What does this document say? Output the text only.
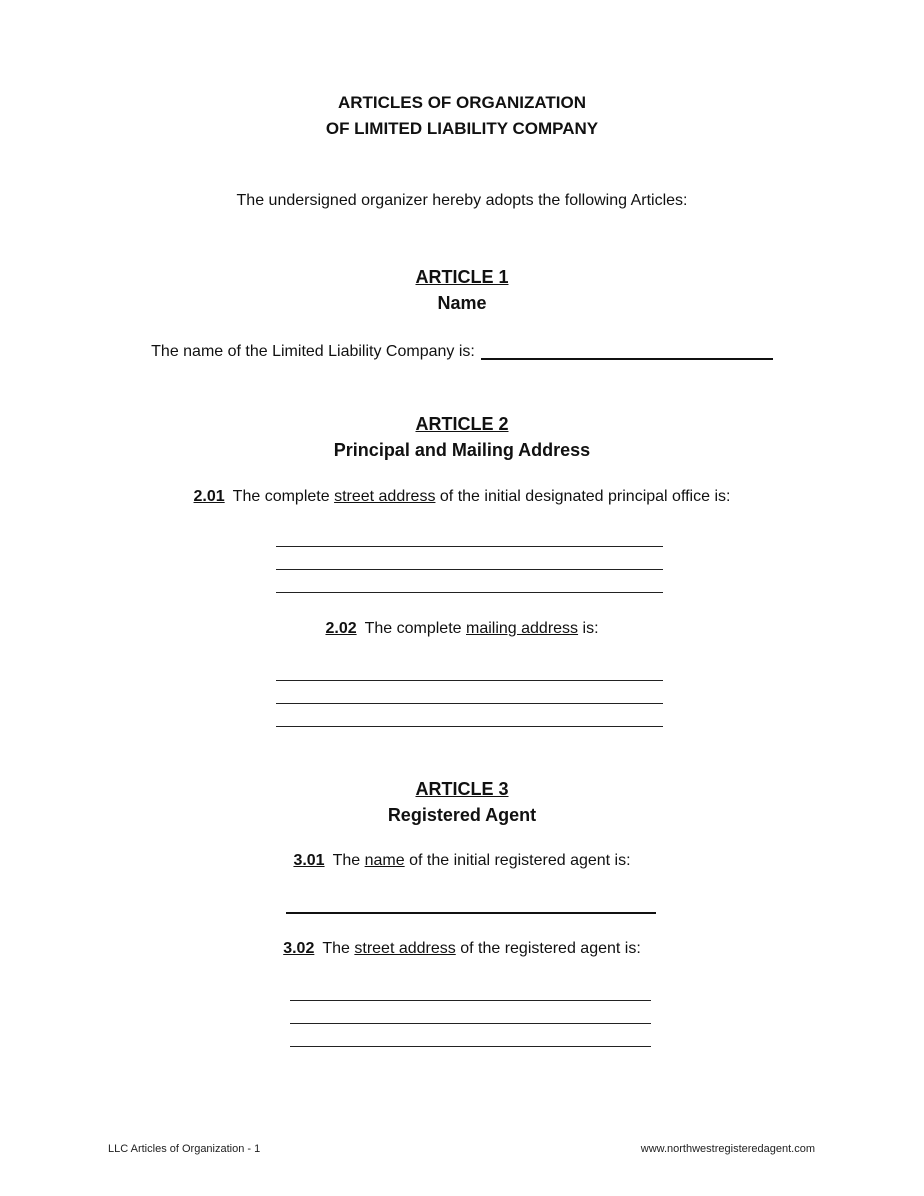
ARTICLES OF ORGANIZATION
OF LIMITED LIABILITY COMPANY
The undersigned organizer hereby adopts the following Articles:
ARTICLE 1
Name
The name of the Limited Liability Company is:
ARTICLE 2
Principal and Mailing Address
2.01 The complete street address of the initial designated principal office is:
2.02 The complete mailing address is:
ARTICLE 3
Registered Agent
3.01 The name of the initial registered agent is:
3.02 The street address of the registered agent is:
LLC Articles of Organization - 1	www.northwestregisteredagent.com
